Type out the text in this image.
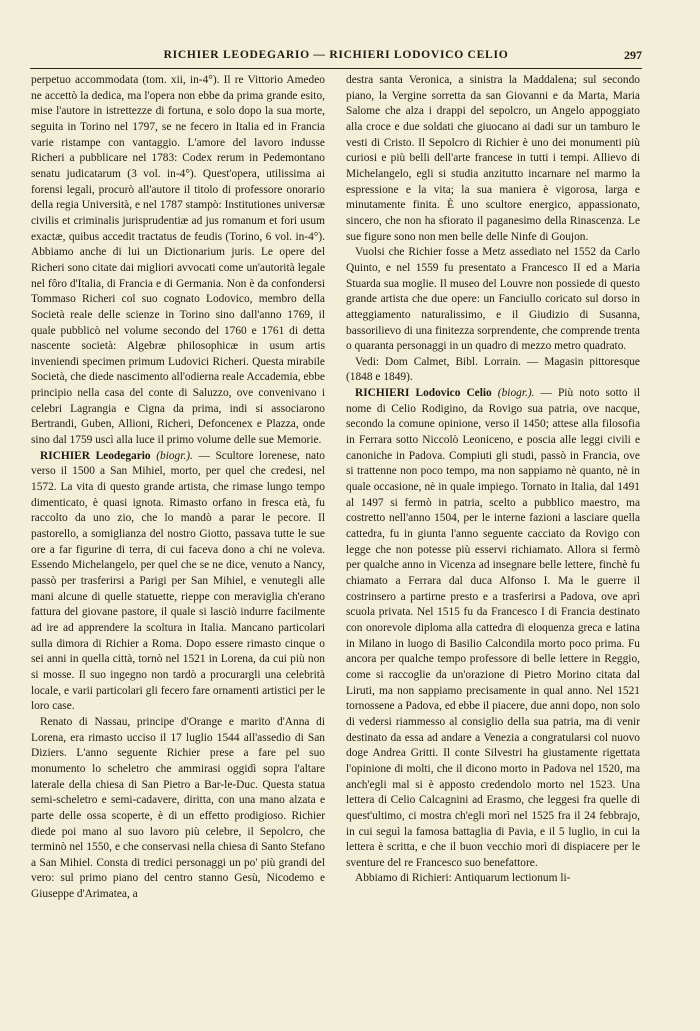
RICHIER LEODEGARIO — RICHIERI LODOVICO CELIO	297

perpetuo accommodata (tom. xii, in-4°). Il re Vittorio Amedeo ne accettò la dedica, ma l'opera non ebbe da prima grande esito, mise l'autore in istrettezze di fortuna, e solo dopo la sua morte, seguita in Torino nel 1797, se ne fecero in Italia ed in Francia varie ristampe con vantaggio. L'amore del lavoro indusse Richeri a pubblicare nel 1783: Codex rerum in Pedemontano senatu judicatarum (3 vol. in-4°). Quest'opera, utilissima ai forensi legali, procurò all'autore il titolo di professore onorario della regia Università, e nel 1787 stampò: Institutiones universæ civilis et criminalis jurisprudentiæ ad jus romanum et fori usum exactæ, quibus accedit tractatus de feudis (Torino, 6 vol. in-4°). Abbiamo anche di lui un Dictionarium juris. Le opere del Richeri sono citate dai migliori avvocati come un'autorità legale nel fôro d'Italia, di Francia e di Germania. Non è da confondersi Tommaso Richeri col suo cognato Lodovico, membro della Società reale delle scienze in Torino sino dall'anno 1769, il quale pubblicò nel volume secondo del 1760 e 1761 di detta nascente società: Algebræ philosophicæ in usum artis inveniendi specimen primum Ludovici Richeri. Questa mirabile Società, che diede nascimento all'odierna reale Accademia, ebbe principio nella casa del conte di Saluzzo, ove convenivano i celebri Lagrangia e Cigna da prima, indi si associarono Bertrandi, Guben, Allioni, Richeri, Defoncenex e Plazza, onde sino dal 1759 uscì alla luce il primo volume delle sue Memorie.

RICHIER Leodegario (biogr.). — Scultore lorenese, nato verso il 1500 a San Mihiel, morto, per quel che credesi, nel 1572. La vita di questo grande artista, che rimase lungo tempo dimenticato, è quasi ignota. Rimasto orfano in fresca età, fu raccolto da uno zio, che lo mandò a parar le pecore. Il pastorello, a somiglianza del nostro Giotto, passava tutte le sue ore a far figurine di terra, di cui faceva dono a chi ne voleva. Essendo Michelangelo, per quel che se ne dice, venuto a Nancy, passò per trasferirsi a Parigi per San Mihiel, e venutegli alle mani alcune di quelle statuette, rieppe con meraviglia ch'erano fattura del giovane pastore, il quale si lasciò indurre facilmente ad ire ad apprendere la scoltura in Italia. Mancano particolari sulla dimora di Richier a Roma. Dopo essere rimasto cinque o sei anni in quella città, tornò nel 1521 in Lorena, da cui più non si mosse. Il suo ingegno non tardò a procurargli una celebrità locale, e varii particolari gli fecero fare ornamenti artistici per le loro case.

Renato di Nassau, principe d'Orange e marito d'Anna di Lorena, era rimasto ucciso il 17 luglio 1544 all'assedio di San Diziers. L'anno seguente Richier prese a fare pel suo monumento lo scheletro che ammirasi oggidì sopra l'altare laterale della chiesa di San Pietro a Bar-le-Duc. Questa statua semi-scheletro e semi-cadavere, diritta, con una mano alzata e parte delle ossa scoperte, è di un effetto prodigioso. Richier diede poi mano al suo lavoro più celebre, il Sepolcro, che terminò nel 1550, e che conservasi nella chiesa di Santo Stefano a San Mihiel. Consta di tredici personaggi un po' più grandi del vero: sul primo piano del centro stanno Gesù, Nicodemo e Giuseppe d'Arimatea, a

destra santa Veronica, a sinistra la Maddalena; sul secondo piano, la Vergine sorretta da san Giovanni e da Marta, Maria Salome che alza i drappi del sepolcro, un Angelo appoggiato alla croce e due soldati che giuocano ai dadi sur un tamburo le vesti di Cristo. Il Sepolcro di Richier è uno dei monumenti più curiosi e più belli dell'arte francese in tutti i tempi. Allievo di Michelangelo, egli si studia anzitutto incarnare nel marmo la espressione e la vita; la sua maniera è vigorosa, larga e minutamente finita. È uno scultore energico, appassionato, sincero, che non ha sfiorato il paganesimo della Rinascenza. Le sue figure sono non men belle delle Ninfe di Goujon.

Vuolsi che Richier fosse a Metz assediato nel 1552 da Carlo Quinto, e nel 1559 fu presentato a Francesco II ed a Maria Stuarda sua moglie. Il museo del Louvre non possiede di questo grande artista che due opere: un Fanciullo coricato sul dorso in atteggiamento naturalissimo, e il Giudizio di Susanna, bassorilievo di una finitezza sorprendente, che comprende trenta o quaranta personaggi in un quadro di mezzo metro quadrato.

Vedi: Dom Calmet, Bibl. Lorrain. — Magasin pittoresque (1848 e 1849).

RICHIERI Lodovico Celio (biogr.). — Più noto sotto il nome di Celio Rodigino, da Rovigo sua patria, ove nacque, secondo la comune opinione, verso il 1450; attese alla filosofia in Ferrara sotto Niccolò Leoniceno, e poscia alle leggi civili e canoniche in Padova. Compiuti gli studi, passò in Francia, ove si trattenne non poco tempo, ma non sappiamo nè quanto, nè in quale occasione, nè in quale impiego. Tornato in Italia, dal 1491 al 1497 si fermò in patria, scelto a pubblico maestro, ma costretto nell'anno 1504, per le interne fazioni a lasciare quella cattedra, fu in giunta l'anno seguente cacciato da Rovigo con legge che non potesse più esservi richiamato. Allora si fermò per qualche anno in Vicenza ad insegnare belle lettere, finchè fu chiamato a Ferrara dal duca Alfonso I. Ma le guerre il costrinsero a partirne presto e a trasferirsi a Padova, ove aprì scuola privata. Nel 1515 fu da Francesco I di Francia destinato con onorevole diploma alla cattedra di eloquenza greca e latina in Milano in luogo di Basilio Calcondila morto poco prima. Fu ancora per qualche tempo professore di belle lettere in Reggio, come si raccoglie da un'orazione di Pietro Morino citata dal Liruti, ma non sappiamo precisamente in qual anno. Nel 1521 tornossene a Padova, ed ebbe il piacere, due anni dopo, non solo di vedersi riammesso al consiglio della sua patria, ma di venir destinato da essa ad andare a Venezia a congratularsi col nuovo doge Andrea Gritti. Il conte Silvestri ha giustamente rigettata l'opinione di molti, che il dicono morto in Padova nel 1520, ma anch'egli mal si è apposto credendolo morto nel 1523. Una lettera di Celio Calcagnini ad Erasmo, che leggesi fra quelle di quest'ultimo, ci mostra ch'egli morì nel 1525 fra il 24 febbrajo, in cui seguì la famosa battaglia di Pavia, e il 5 luglio, in cui la lettera è scritta, e che il buon vecchio morì di dispiacere per le sventure del re Francesco suo benefattore.

Abbiamo di Richieri: Antiquarum lectionum li-
